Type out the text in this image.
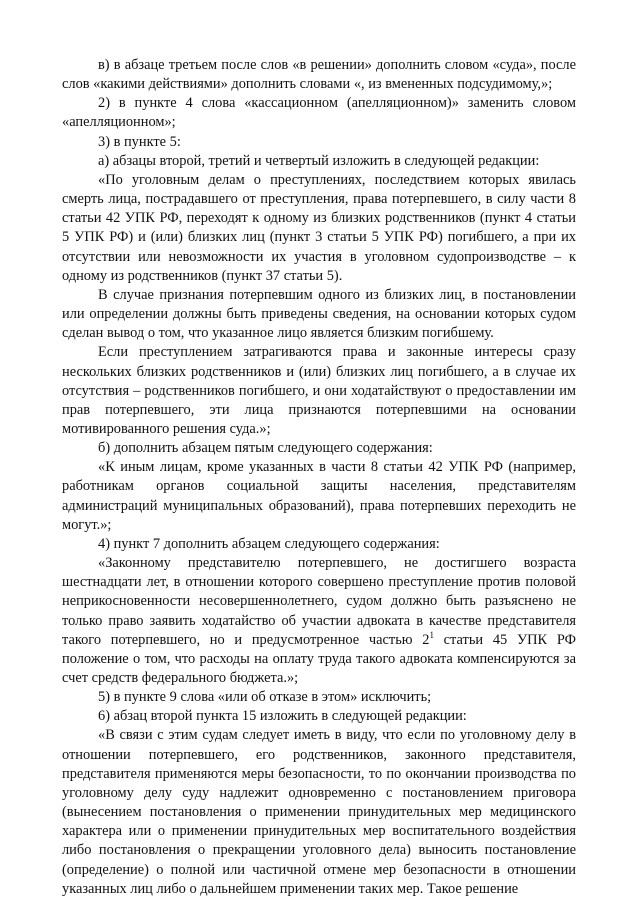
в) в абзаце третьем после слов «в решении» дополнить словом «суда», после слов «какими действиями» дополнить словами «, из вмененных подсудимому,»;

2) в пункте 4 слова «кассационном (апелляционном)» заменить словом «апелляционном»;

3) в пункте 5:

а) абзацы второй, третий и четвертый изложить в следующей редакции:

«По уголовным делам о преступлениях, последствием которых явилась смерть лица, пострадавшего от преступления, права потерпевшего, в силу части 8 статьи 42 УПК РФ, переходят к одному из близких родственников (пункт 4 статьи 5 УПК РФ) и (или) близких лиц (пункт 3 статьи 5 УПК РФ) погибшего, а при их отсутствии или невозможности их участия в уголовном судопроизводстве – к одному из родственников (пункт 37 статьи 5).

В случае признания потерпевшим одного из близких лиц, в постановлении или определении должны быть приведены сведения, на основании которых судом сделан вывод о том, что указанное лицо является близким погибшему.

Если преступлением затрагиваются права и законные интересы сразу нескольких близких родственников и (или) близких лиц погибшего, а в случае их отсутствия – родственников погибшего, и они ходатайствуют о предоставлении им прав потерпевшего, эти лица признаются потерпевшими на основании мотивированного решения суда.»;

б) дополнить абзацем пятым следующего содержания:

«К иным лицам, кроме указанных в части 8 статьи 42 УПК РФ (например, работникам органов социальной защиты населения, представителям администраций муниципальных образований), права потерпевших переходить не могут.»;

4) пункт 7 дополнить абзацем следующего содержания:

«Законному представителю потерпевшего, не достигшего возраста шестнадцати лет, в отношении которого совершено преступление против половой неприкосновенности несовершеннолетнего, судом должно быть разъяснено не только право заявить ходатайство об участии адвоката в качестве представителя такого потерпевшего, но и предусмотренное частью $2^1$ статьи 45 УПК РФ положение о том, что расходы на оплату труда такого адвоката компенсируются за счет средств федерального бюджета.»;

5) в пункте 9 слова «или об отказе в этом» исключить;

6) абзац второй пункта 15 изложить в следующей редакции:

«В связи с этим судам следует иметь в виду, что если по уголовному делу в отношении потерпевшего, его родственников, законного представителя, представителя применяются меры безопасности, то по окончании производства по уголовному делу суду надлежит одновременно с постановлением приговора (вынесением постановления о применении принудительных мер медицинского характера или о применении принудительных мер воспитательного воздействия либо постановления о прекращении уголовного дела) выносить постановление (определение) о полной или частичной отмене мер безопасности в отношении указанных лиц либо о дальнейшем применении таких мер. Такое решение
